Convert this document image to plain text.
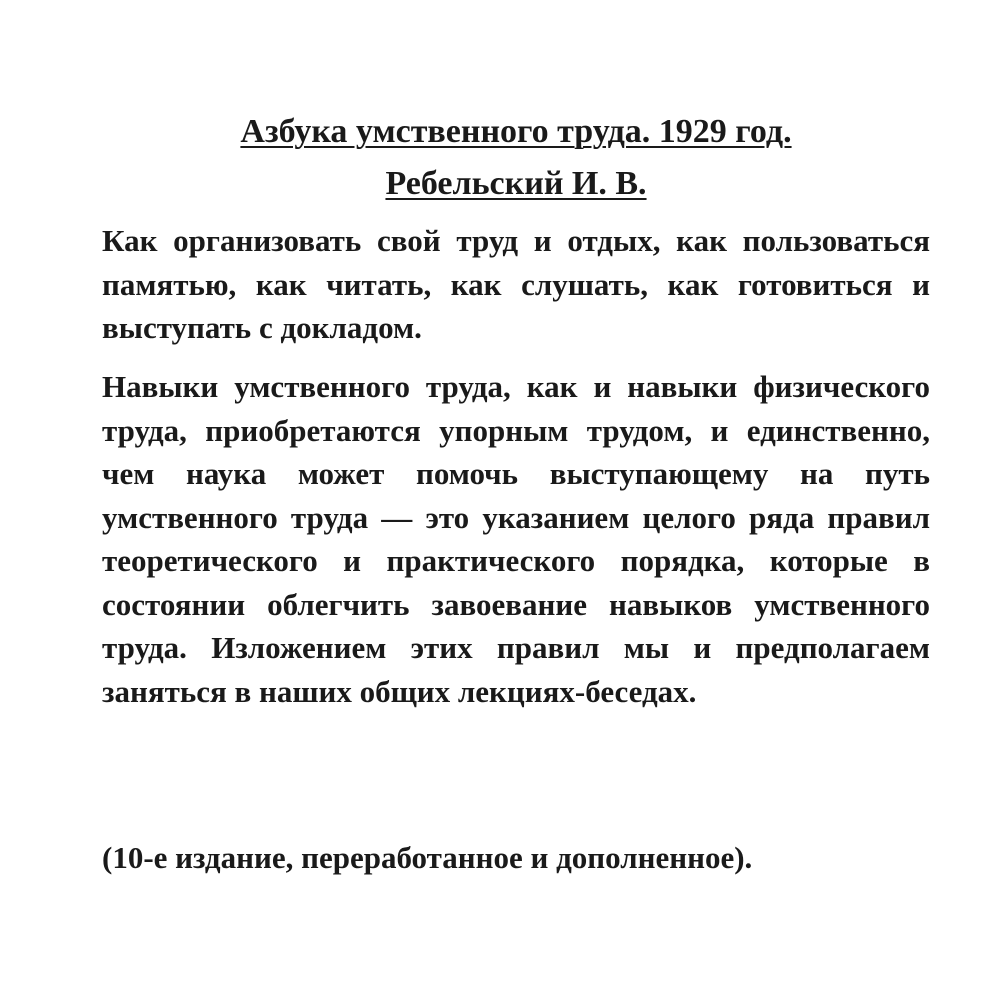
Азбука умственного труда. 1929 год.
Ребельский И. В.
Как организовать свой труд и отдых, как пользоваться памятью, как читать, как слушать, как готовиться и выступать с докладом.
Навыки умственного труда, как и навыки физического труда, приобретаются упорным трудом, и единственно, чем наука может помочь выступающему на путь умственного труда — это указанием целого ряда правил теоретического и практического порядка, которые в состоянии облегчить завоевание навыков умственного труда. Изложением этих правил мы и предполагаем заняться в наших общих лекциях-беседах.
(10-е издание, переработанное и дополненное).
